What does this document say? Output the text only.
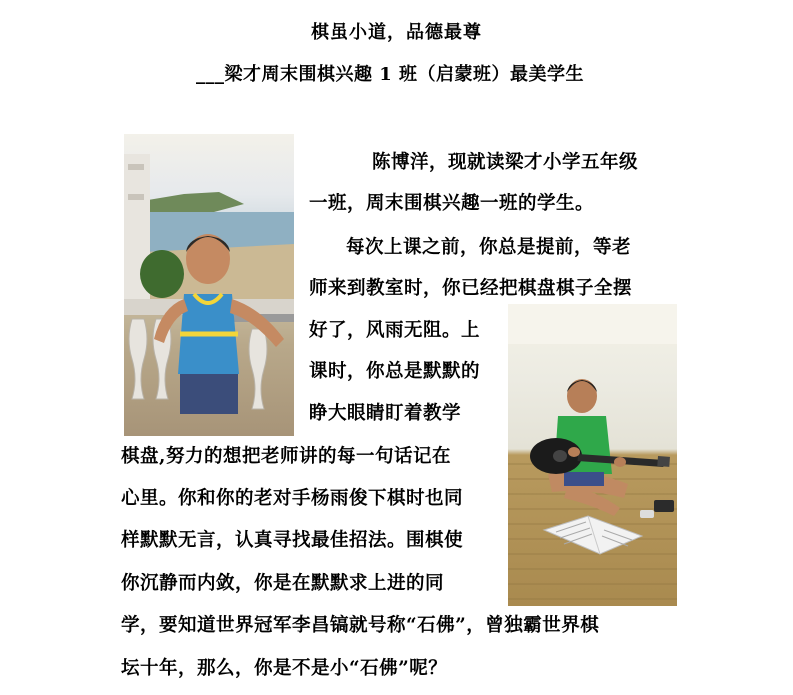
棋虽小道，品德最尊
___梁才周末围棋兴趣 1 班（启蒙班）最美学生
陈博洋，现就读梁才小学五年级
一班，周末围棋兴趣一班的学生。
每次上课之前，你总是提前，等老
师来到教室时，你已经把棋盘棋子全摆
好了，风雨无阻。上
课时，你总是默默的
睁大眼睛盯着教学
棋盘,努力的想把老师讲的每一句话记在
心里。你和你的老对手杨雨俊下棋时也同
样默默无言，认真寻找最佳招法。围棋使
你沉静而内敛，你是在默默求上进的同
学，要知道世界冠军李昌镐就号称“石佛”，曾独霸世界棋
坛十年，那么，你是不是小“石佛”呢？
